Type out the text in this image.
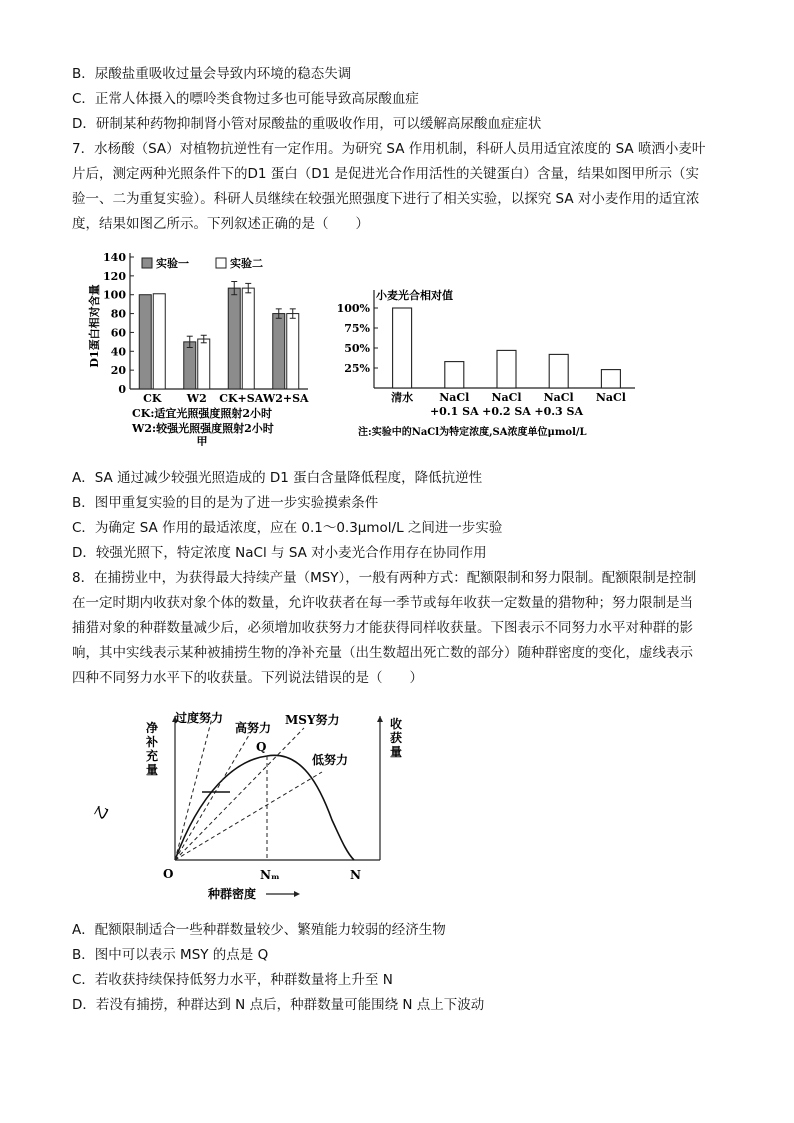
B．尿酸盐重吸收过量会导致内环境的稳态失调
C．正常人体摄入的嘌呤类食物过多也可能导致高尿酸血症
D．研制某种药物抑制肾小管对尿酸盐的重吸收作用，可以缓解高尿酸血症症状
7．水杨酸（SA）对植物抗逆性有一定作用。为研究 SA 作用机制，科研人员用适宜浓度的 SA 喷洒小麦叶
片后，测定两种光照条件下的D1 蛋白（D1 是促进光合作用活性的关键蛋白）含量，结果如图甲所示（实
验一、二为重复实验）。科研人员继续在较强光照强度下进行了相关实验，以探究 SA 对小麦作用的适宜浓
度，结果如图乙所示。下列叙述正确的是（　　）
0
20
40
60
80
100
120
140
D1蛋白相对含量
CK W2 CK+SA W2+SA
实验一	实验二
CK:适宜光照强度照射2小时
W2:较强光照强度照射2小时
甲
小麦光合相对值
25%
50%
75%
100%
清水 NaCl
+0.1 SA
NaCl
+0.2 SA
NaCl
+0.3 SA
NaCl
注:实验中的NaCl为特定浓度,SA浓度单位μmol/L
A．SA 通过减少较强光照造成的 D1 蛋白含量降低程度，降低抗逆性
B．图甲重复实验的目的是为了进一步实验摸索条件
C．为确定 SA 作用的最适浓度，应在 0.1～0.3μmol/L 之间进一步实验
D．较强光照下，特定浓度 NaCl 与 SA 对小麦光合作用存在协同作用
8．在捕捞业中，为获得最大持续产量（MSY），一般有两种方式：配额限制和努力限制。配额限制是控制
在一定时期内收获对象个体的数量，允许收获者在每一季节或每年收获一定数量的猎物种；努力限制是当
捕猎对象的种群数量减少后，必须增加收获努力才能获得同样收获量。下图表示不同努力水平对种群的影
响，其中实线表示某种被捕捞生物的净补充量（出生数超出死亡数的部分）随种群密度的变化，虚线表示
四种不同努力水平下的收获量。下列说法错误的是（　　）
净
补
充
量
收
获
量
过度努力
高努力
MSY努力
低努力
Q
O	Nₘ	N
种群密度
乙
A．配额限制适合一些种群数量较少、繁殖能力较弱的经济生物
B．图中可以表示 MSY 的点是 Q
C．若收获持续保持低努力水平，种群数量将上升至 N
D．若没有捕捞，种群达到 N 点后，种群数量可能围绕 N 点上下波动
